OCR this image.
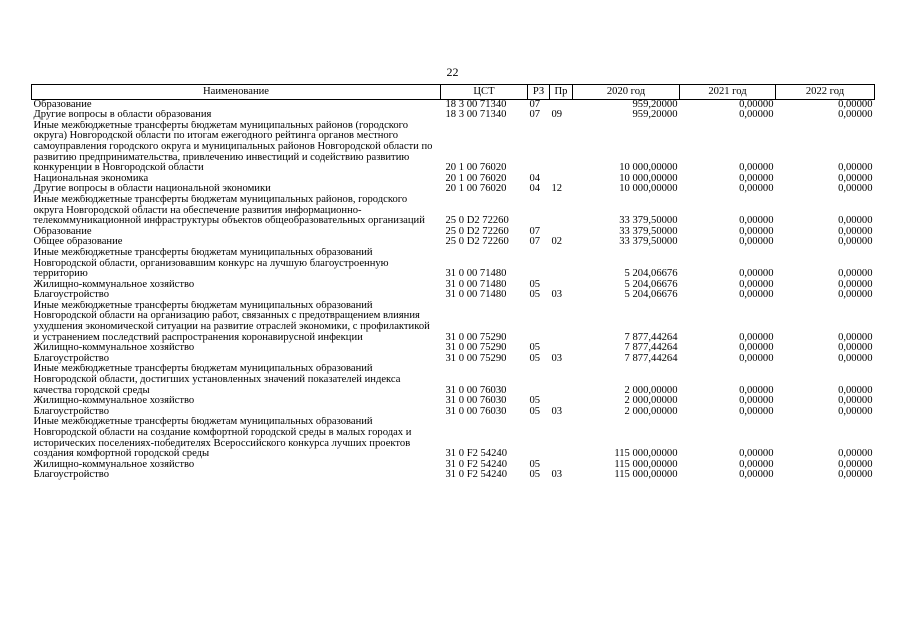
22
Наименование	ЦСТ	РЗ	Пр	2020 год	2021 год	2022 год
Образование	18 3 00 71340	07		959,20000	0,00000	0,00000
Другие вопросы в области образования	18 3 00 71340	07	09	959,20000	0,00000	0,00000
Иные межбюджетные трансферты бюджетам муниципальных районов (городского округа) Новгородской области по итогам ежегодного рейтинга органов местного самоуправления городского округа и муниципальных районов Новгородской области по развитию предпринимательства, привлечению инвестиций и содействию развитию конкуренции в Новгородской области	20 1 00 76020			10 000,00000	0,00000	0,00000
Национальная экономика	20 1 00 76020	04		10 000,00000	0,00000	0,00000
Другие вопросы в области национальной экономики	20 1 00 76020	04	12	10 000,00000	0,00000	0,00000
Иные межбюджетные трансферты бюджетам муниципальных районов, городского округа Новгородской области на обеспечение развития информационно-телекоммуникационной инфраструктуры объектов общеобразовательных организаций	25 0 D2 72260			33 379,50000	0,00000	0,00000
Образование	25 0 D2 72260	07		33 379,50000	0,00000	0,00000
Общее образование	25 0 D2 72260	07	02	33 379,50000	0,00000	0,00000
Иные межбюджетные трансферты бюджетам муниципальных образований Новгородской области, организовавшим конкурс на лучшую благоустроенную территорию	31 0 00 71480			5 204,06676	0,00000	0,00000
Жилищно-коммунальное хозяйство	31 0 00 71480	05		5 204,06676	0,00000	0,00000
Благоустройство	31 0 00 71480	05	03	5 204,06676	0,00000	0,00000
Иные межбюджетные трансферты бюджетам муниципальных образований Новгородской области на организацию работ, связанных с предотвращением влияния ухудшения экономической ситуации на развитие отраслей экономики, с профилактикой и устранением последствий распространения коронавирусной инфекции	31 0 00 75290			7 877,44264	0,00000	0,00000
Жилищно-коммунальное хозяйство	31 0 00 75290	05		7 877,44264	0,00000	0,00000
Благоустройство	31 0 00 75290	05	03	7 877,44264	0,00000	0,00000
Иные межбюджетные трансферты бюджетам муниципальных образований Новгородской области, достигших установленных значений показателей индекса качества городской среды	31 0 00 76030			2 000,00000	0,00000	0,00000
Жилищно-коммунальное хозяйство	31 0 00 76030	05		2 000,00000	0,00000	0,00000
Благоустройство	31 0 00 76030	05	03	2 000,00000	0,00000	0,00000
Иные межбюджетные трансферты бюджетам муниципальных образований Новгородской области на создание комфортной городской среды в малых городах и исторических поселениях-победителях Всероссийского конкурса лучших проектов создания комфортной городской среды	31 0 F2 54240			115 000,00000	0,00000	0,00000
Жилищно-коммунальное хозяйство	31 0 F2 54240	05		115 000,00000	0,00000	0,00000
Благоустройство	31 0 F2 54240	05	03	115 000,00000	0,00000	0,00000
